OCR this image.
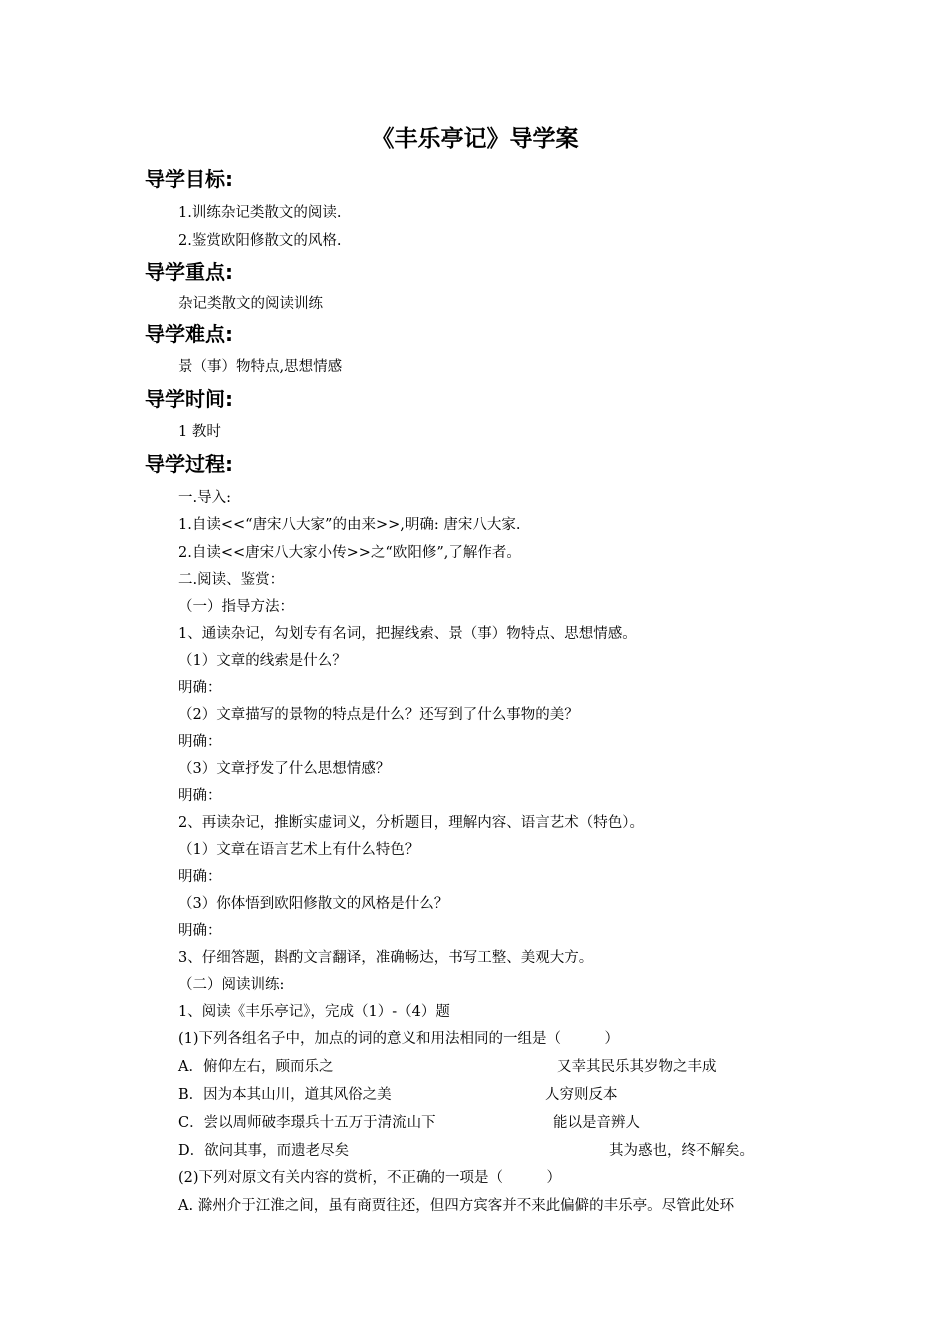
《丰乐亭记》导学案
导学目标:
1.训练杂记类散文的阅读.
2.鉴赏欧阳修散文的风格.
导学重点:
杂记类散文的阅读训练
导学难点:
景（事）物特点,思想情感
导学时间:
1 教时
导学过程:
一.导入:
1.自读<<“唐宋八大家”的由来>>,明确: 唐宋八大家.
2.自读<<唐宋八大家小传>>之“欧阳修”,了解作者。
二.阅读、鉴赏：
（一）指导方法：
1、通读杂记，勾划专有名词，把握线索、景（事）物特点、思想情感。
（1）文章的线索是什么？
明确：
（2）文章描写的景物的特点是什么？还写到了什么事物的美？
明确：
（3）文章抒发了什么思想情感？
明确：
2、再读杂记，推断实虚词义，分析题目，理解内容、语言艺术（特色）。
（1）文章在语言艺术上有什么特色？
明确：
（3）你体悟到欧阳修散文的风格是什么？
明确：
3、仔细答题，斟酌文言翻译，准确畅达，书写工整、美观大方。
（二）阅读训练:
1、阅读《丰乐亭记》，完成（1）-（4）题
(1)下列各组名子中，加点的词的意义和用法相同的一组是（　　　）
A．俯仰左右，顾而乐之	又幸其民乐其岁物之丰成
B．因为本其山川，道其风俗之美	人穷则反本
C．尝以周师破李璟兵十五万于清流山下	能以是音辨人
D．欲问其事，而遗老尽矣	其为惑也，终不解矣。
(2)下列对原文有关内容的赏析，不正确的一项是（　　　）
A. 滁州介于江淮之间，虽有商贾往还，但四方宾客并不来此偏僻的丰乐亭。尽管此处环
